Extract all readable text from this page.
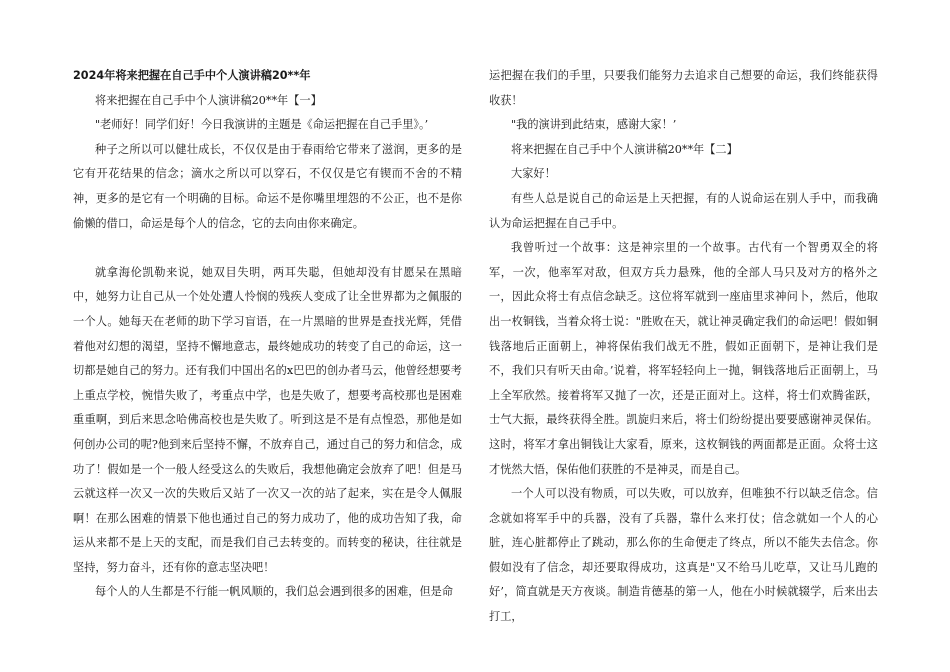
2024年将来把握在自己手中个人演讲稿20**年

将来把握在自己手中个人演讲稿20**年【一】

"老师好！同学们好！今日我演讲的主题是《命运把握在自己手里》。’

种子之所以可以健壮成长，不仅仅是由于春雨给它带来了滋润，更多的是它有开花结果的信念；滴水之所以可以穿石，不仅仅是它有锲而不舍的不精神，更多的是它有一个明确的目标。命运不是你嘴里埋怨的不公正，也不是你偷懒的借口，命运是每个人的信念，它的去向由你来确定。

就拿海伦凯勒来说，她双目失明，两耳失聪，但她却没有甘愿呆在黑暗中，她努力让自己从一个处处遭人怜悯的残疾人变成了让全世界都为之佩服的一个人。她每天在老师的助下学习盲语，在一片黑暗的世界是查找光辉，凭借着他对幻想的渴望，坚持不懈地意志，最终她成功的转变了自己的命运，这一切都是她自己的努力。还有我们中国出名的x巴巴的创办者马云，他曾经想要考上重点学校，惋惜失败了，考重点中学，也是失败了，想要考高校那也是困难重重啊，到后来思念哈佛高校也是失败了。听到这是不是有点惶恐，那他是如何创办公司的呢?他到来后坚持不懈，不放弃自己，通过自己的努力和信念，成功了！假如是一个一般人经受这么的失败后，我想他确定会放弃了吧！但是马云就这样一次又一次的失败后又站了一次又一次的站了起来，实在是令人佩服啊！在那么困难的情景下他也通过自己的努力成功了，他的成功告知了我，命运从来都不是上天的支配，而是我们自己去转变的。而转变的秘诀，往往就是坚持，努力奋斗，还有你的意志坚决吧！

每个人的人生都是不行能一帆风顺的，我们总会遇到很多的困难，但是命

运把握在我们的手里，只要我们能努力去追求自己想要的命运，我们终能获得收获！

"我的演讲到此结束，感谢大家！’

将来把握在自己手中个人演讲稿20**年【二】

大家好！

有些人总是说自己的命运是上天把握，有的人说命运在别人手中，而我确认为命运把握在自己手中。

我曾听过一个故事：这是神宗里的一个故事。古代有一个智勇双全的将军，一次，他率军对敌，但双方兵力悬殊，他的全部人马只及对方的格外之一，因此众将士有点信念缺乏。这位将军就到一座庙里求神问卜，然后，他取出一枚铜钱，当着众将士说："胜败在天，就让神灵确定我们的命运吧！假如铜钱落地后正面朝上，神将保佑我们战无不胜，假如正面朝下，是神让我们是不，我们只有听天由命。’说着，将军轻轻向上一抛，铜钱落地后正面朝上，马上全军欣然。接着将军又抛了一次，还是正面对上。这样，将士们欢腾雀跃，士气大振，最终获得全胜。凯旋归来后，将士们纷纷提出要要感谢神灵保佑。这时，将军才拿出铜钱让大家看，原来，这枚铜钱的两面都是正面。众将士这才恍然大悟，保佑他们获胜的不是神灵，而是自己。

一个人可以没有物质，可以失败，可以放弃，但唯独不行以缺乏信念。信念就如将军手中的兵器，没有了兵器，靠什么来打仗；信念就如一个人的心脏，连心脏都停止了跳动，那么你的生命便走了终点，所以不能失去信念。你假如没有了信念，却还要取得成功，这真是"又不给马儿吃草，又让马儿跑的好’，简直就是天方夜谈。制造肯德基的第一人，他在小时候就辍学，后来出去打工，
